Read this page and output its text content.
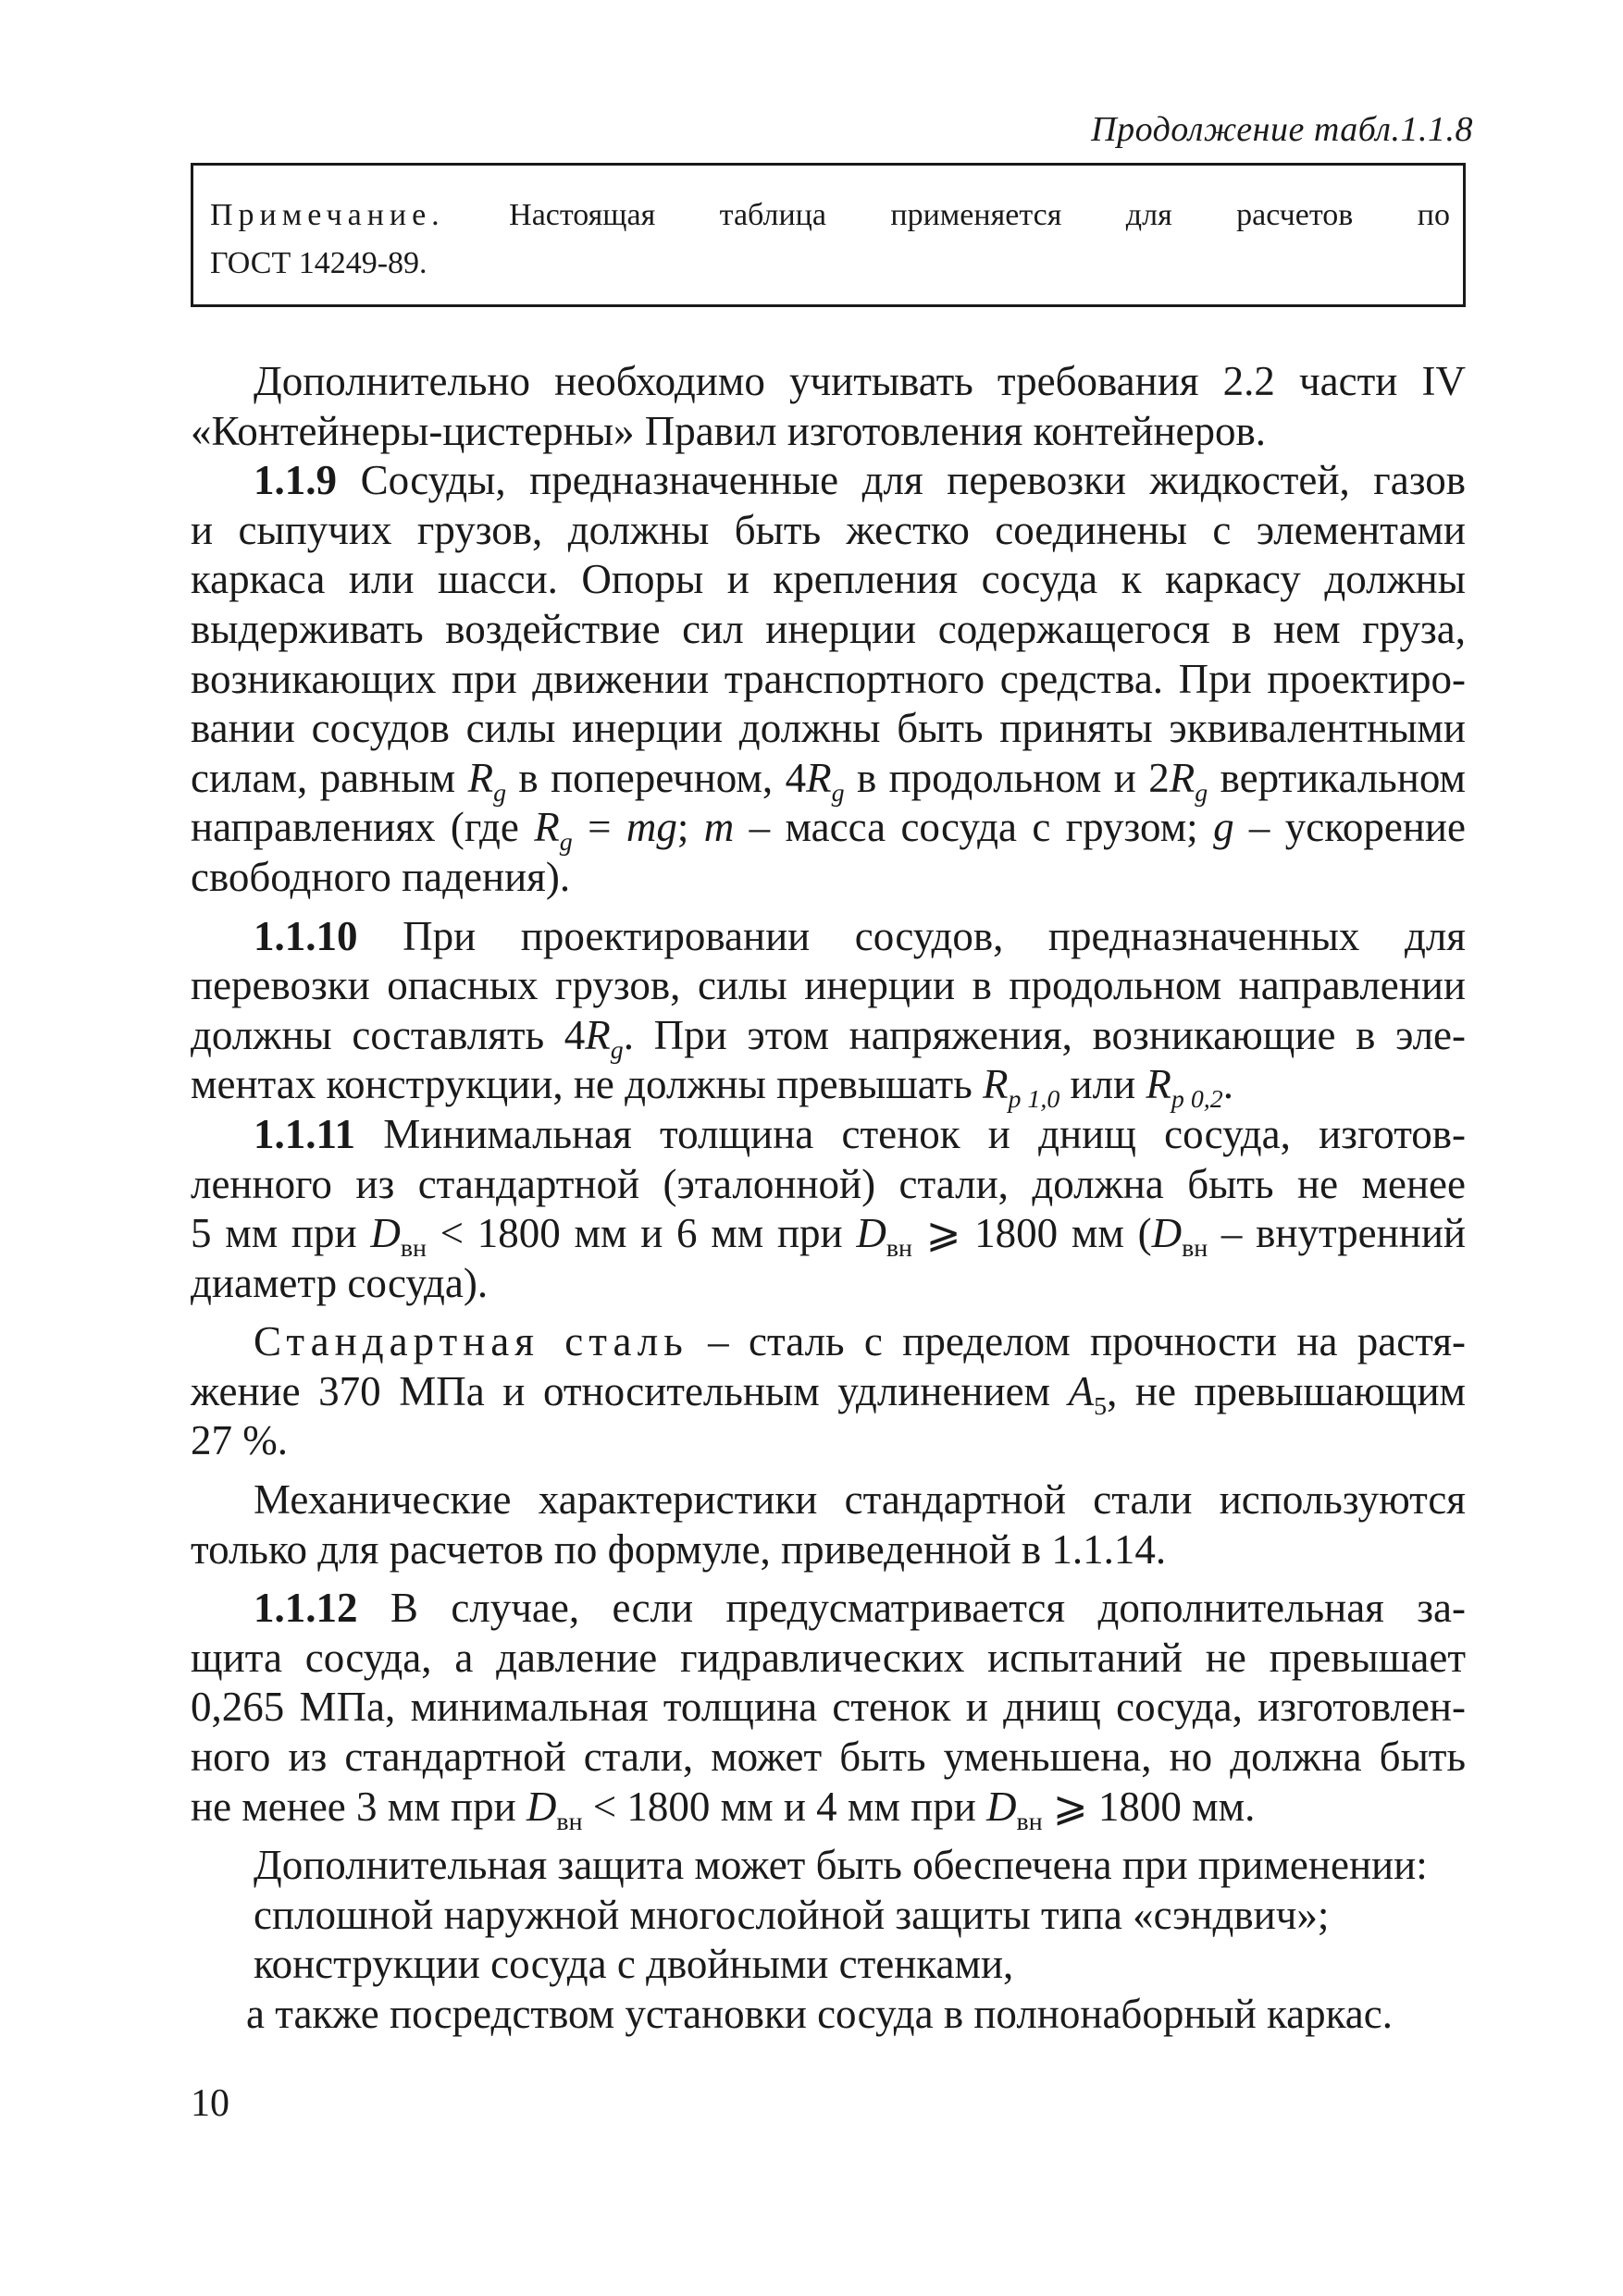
Продолжение табл.1.1.8
Примечание. Настоящая таблица применяется для расчетов по
ГОСТ 14249-89.
Дополнительно необходимо учитывать требования 2.2 части IV
«Контейнеры-цистерны» Правил изготовления контейнеров.
1.1.9 Сосуды, предназначенные для перевозки жидкостей, газов
и сыпучих грузов, должны быть жестко соединены с элементами
каркаса или шасси. Опоры и крепления сосуда к каркасу должны
выдерживать воздействие сил инерции содержащегося в нем груза,
возникающих при движении транспортного средства. При проектиро-
вании сосудов силы инерции должны быть приняты эквивалентными
силам, равным $R_g$ в поперечном, $4R_g$ в продольном и $2R_g$ вертикальном
направлениях (где $R_g$ = mg; m – масса сосуда с грузом; g – ускорение
свободного падения).
1.1.10 При проектировании сосудов, предназначенных для
перевозки опасных грузов, силы инерции в продольном направлении
должны составлять $4R_g$. При этом напряжения, возникающие в эле-
ментах конструкции, не должны превышать $R_{p 1,0}$ или $R_{p 0,2}$.
1.1.11 Минимальная толщина стенок и днищ сосуда, изготов-
ленного из стандартной (эталонной) стали, должна быть не менее
5 мм при $D_{вн} < 1800$ мм и 6 мм при $D_{вн}$ ⩾ 1800 мм ($D_{вн}$ – внутренний
диаметр сосуда).
Стандартная сталь – сталь с пределом прочности на растя-
жение 370 МПа и относительным удлинением $A_5$, не превышающим
27 %.
Механические характеристики стандартной стали используются
только для расчетов по формуле, приведенной в 1.1.14.
1.1.12 В случае, если предусматривается дополнительная за-
щита сосуда, а давление гидравлических испытаний не превышает
0,265 МПа, минимальная толщина стенок и днищ сосуда, изготовлен-
ного из стандартной стали, может быть уменьшена, но должна быть
не менее 3 мм при $D_{вн} < 1800$ мм и 4 мм при $D_{вн}$ ⩾ 1800 мм.
Дополнительная защита может быть обеспечена при применении:
сплошной наружной многослойной защиты типа «сэндвич»;
конструкции сосуда с двойными стенками,
а также посредством установки сосуда в полнонаборный каркас.
10
